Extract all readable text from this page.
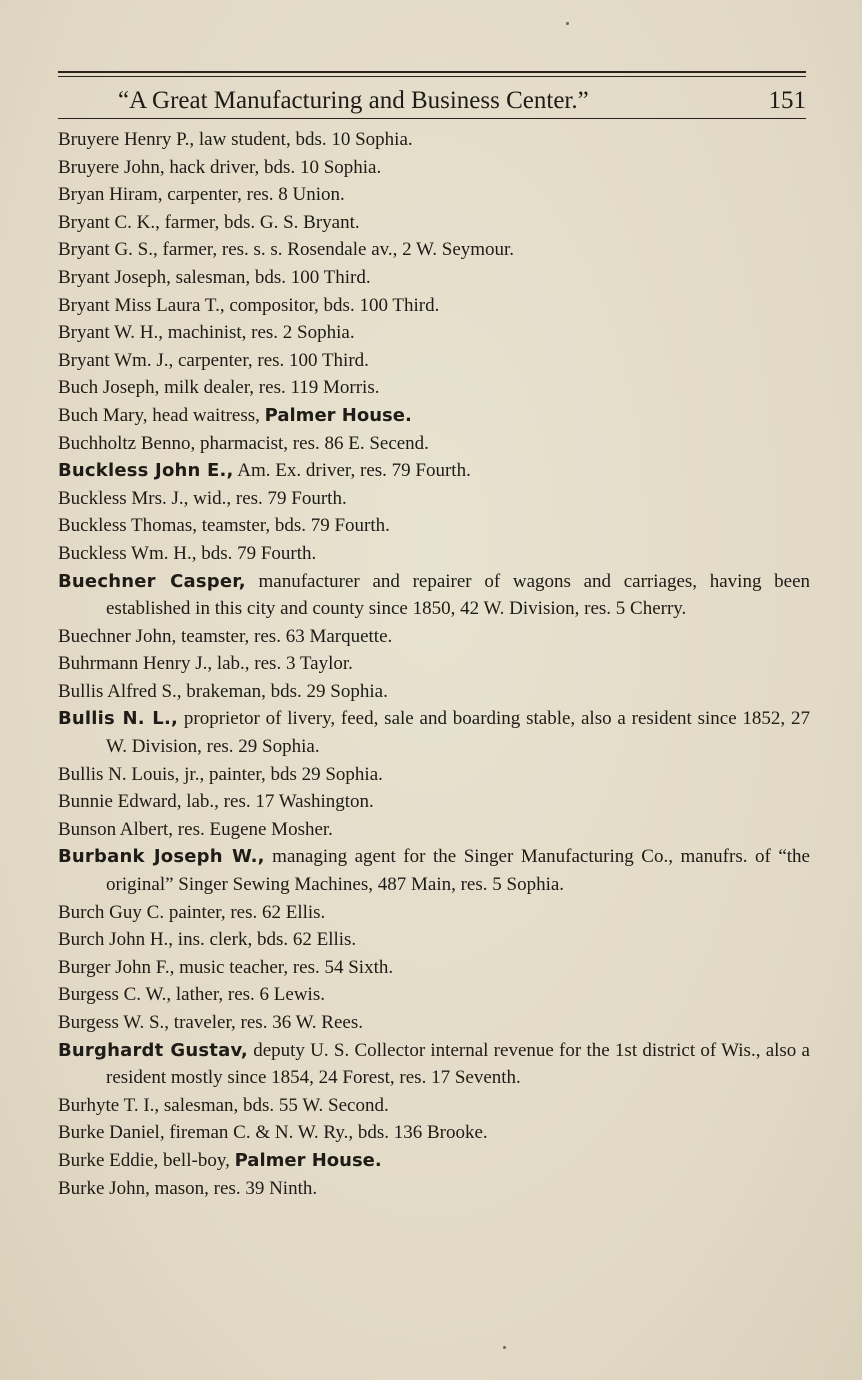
“A Great Manufacturing and Business Center.”	151
Bruyere Henry P., law student, bds. 10 Sophia.
Bruyere John, hack driver, bds. 10 Sophia.
Bryan Hiram, carpenter, res. 8 Union.
Bryant C. K., farmer, bds. G. S. Bryant.
Bryant G. S., farmer, res. s. s. Rosendale av., 2 W. Seymour.
Bryant Joseph, salesman, bds. 100 Third.
Bryant Miss Laura T., compositor, bds. 100 Third.
Bryant W. H., machinist, res. 2 Sophia.
Bryant Wm. J., carpenter, res. 100 Third.
Buch Joseph, milk dealer, res. 119 Morris.
Buch Mary, head waitress, Palmer House.
Buchholtz Benno, pharmacist, res. 86 E. Secend.
Buckless John E., Am. Ex. driver, res. 79 Fourth.
Buckless Mrs. J., wid., res. 79 Fourth.
Buckless Thomas, teamster, bds. 79 Fourth.
Buckless Wm. H., bds. 79 Fourth.
Buechner Casper, manufacturer and repairer of wagons and carriages, having been established in this city and county since 1850, 42 W. Division, res. 5 Cherry.
Buechner John, teamster, res. 63 Marquette.
Buhrmann Henry J., lab., res. 3 Taylor.
Bullis Alfred S., brakeman, bds. 29 Sophia.
Bullis N. L., proprietor of livery, feed, sale and boarding stable, also a resident since 1852, 27 W. Division, res. 29 Sophia.
Bullis N. Louis, jr., painter, bds 29 Sophia.
Bunnie Edward, lab., res. 17 Washington.
Bunson Albert, res. Eugene Mosher.
Burbank Joseph W., managing agent for the Singer Manufacturing Co., manufrs. of “the original” Singer Sewing Machines, 487 Main, res. 5 Sophia.
Burch Guy C. painter, res. 62 Ellis.
Burch John H., ins. clerk, bds. 62 Ellis.
Burger John F., music teacher, res. 54 Sixth.
Burgess C. W., lather, res. 6 Lewis.
Burgess W. S., traveler, res. 36 W. Rees.
Burghardt Gustav, deputy U. S. Collector internal revenue for the 1st district of Wis., also a resident mostly since 1854, 24 Forest, res. 17 Seventh.
Burhyte T. I., salesman, bds. 55 W. Second.
Burke Daniel, fireman C. & N. W. Ry., bds. 136 Brooke.
Burke Eddie, bell-boy, Palmer House.
Burke John, mason, res. 39 Ninth.
